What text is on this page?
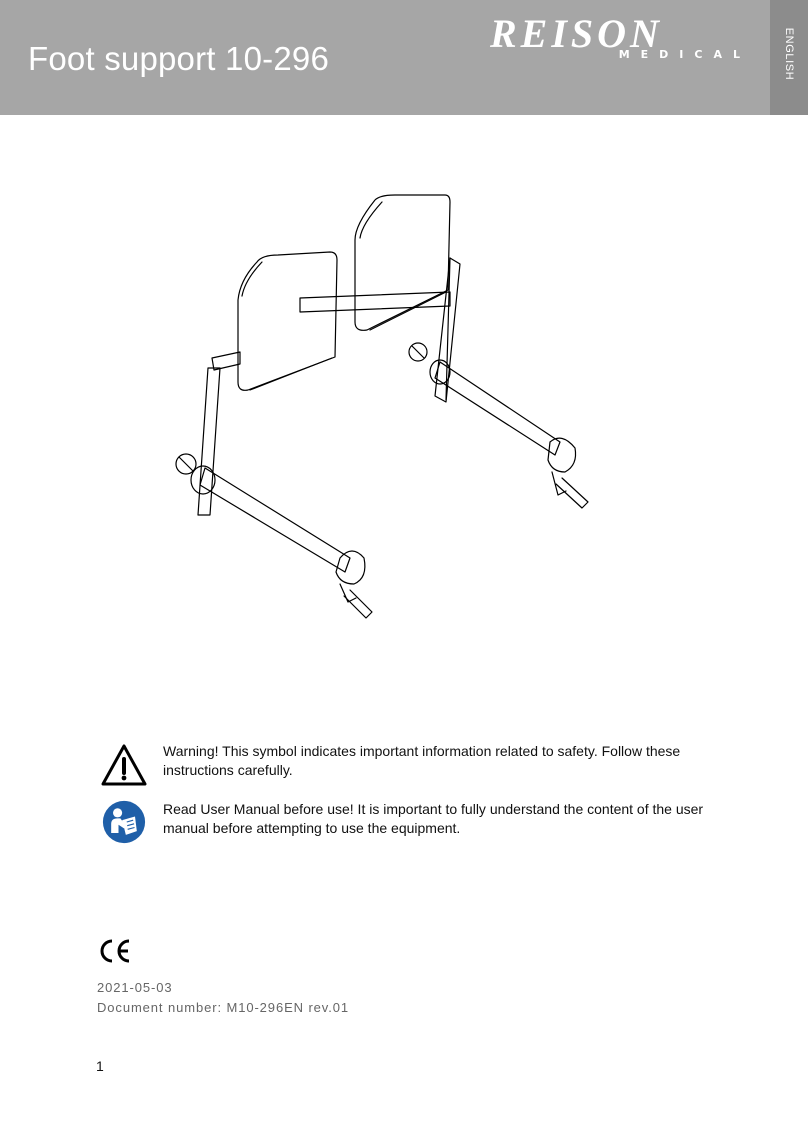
Foot support 10-296
REISON
MEDICAL	ENGLISH
Warning! This symbol indicates important information related to safety. Follow these instructions carefully.
Read User Manual before use! It is important to fully understand the content of the user manual before attempting to use the equipment.
2021-05-03
Document number: M10-296EN rev.01
1
